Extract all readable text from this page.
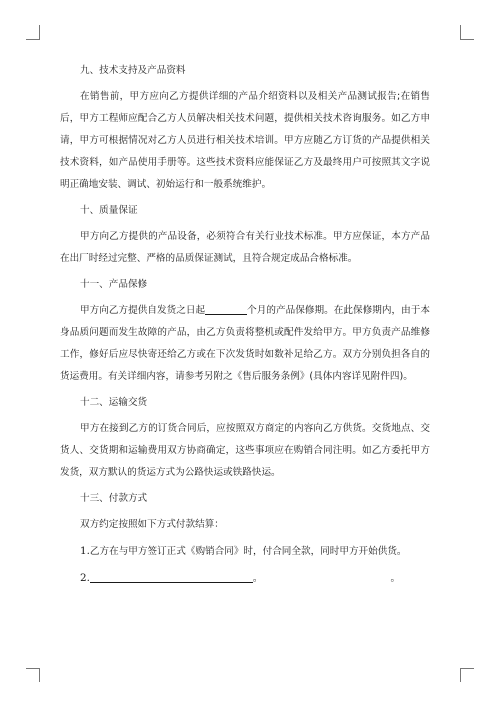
九、技术支持及产品资料

在销售前，甲方应向乙方提供详细的产品介绍资料以及相关产品测试报告;在销售后，甲方工程师应配合乙方人员解决相关技术问题，提供相关技术咨询服务。如乙方申请，甲方可根据情况对乙方人员进行相关技术培训。甲方应随乙方订货的产品提供相关技术资料，如产品使用手册等。这些技术资料应能保证乙方及最终用户可按照其文字说明正确地安装、调试、初始运行和一般系统维护。

十、质量保证

甲方向乙方提供的产品设备，必须符合有关行业技术标准。甲方应保证，本方产品在出厂时经过完整、严格的品质保证测试，且符合规定成品合格标准。

十一、产品保修

甲方向乙方提供自发货之日起	个月的产品保修期。在此保修期内，由于本身品质问题而发生故障的产品，由乙方负责将整机或配件发给甲方。甲方负责产品维修工作，修好后应尽快寄还给乙方或在下次发货时如数补足给乙方。双方分别负担各自的货运费用。有关详细内容，请参考另附之《售后服务条例》(具体内容详见附件四)。

十二、运输交货

甲方在接到乙方的订货合同后，应按照双方商定的内容向乙方供货。交货地点、交货人、交货期和运输费用双方协商确定，这些事项应在购销合同注明。如乙方委托甲方发货，双方默认的货运方式为公路快运或铁路快运。

十三、付款方式

双方约定按照如下方式付款结算：

1.乙方在与甲方签订正式《购销合同》时，付合同全款，同时甲方开始供货。

2.	。	。
